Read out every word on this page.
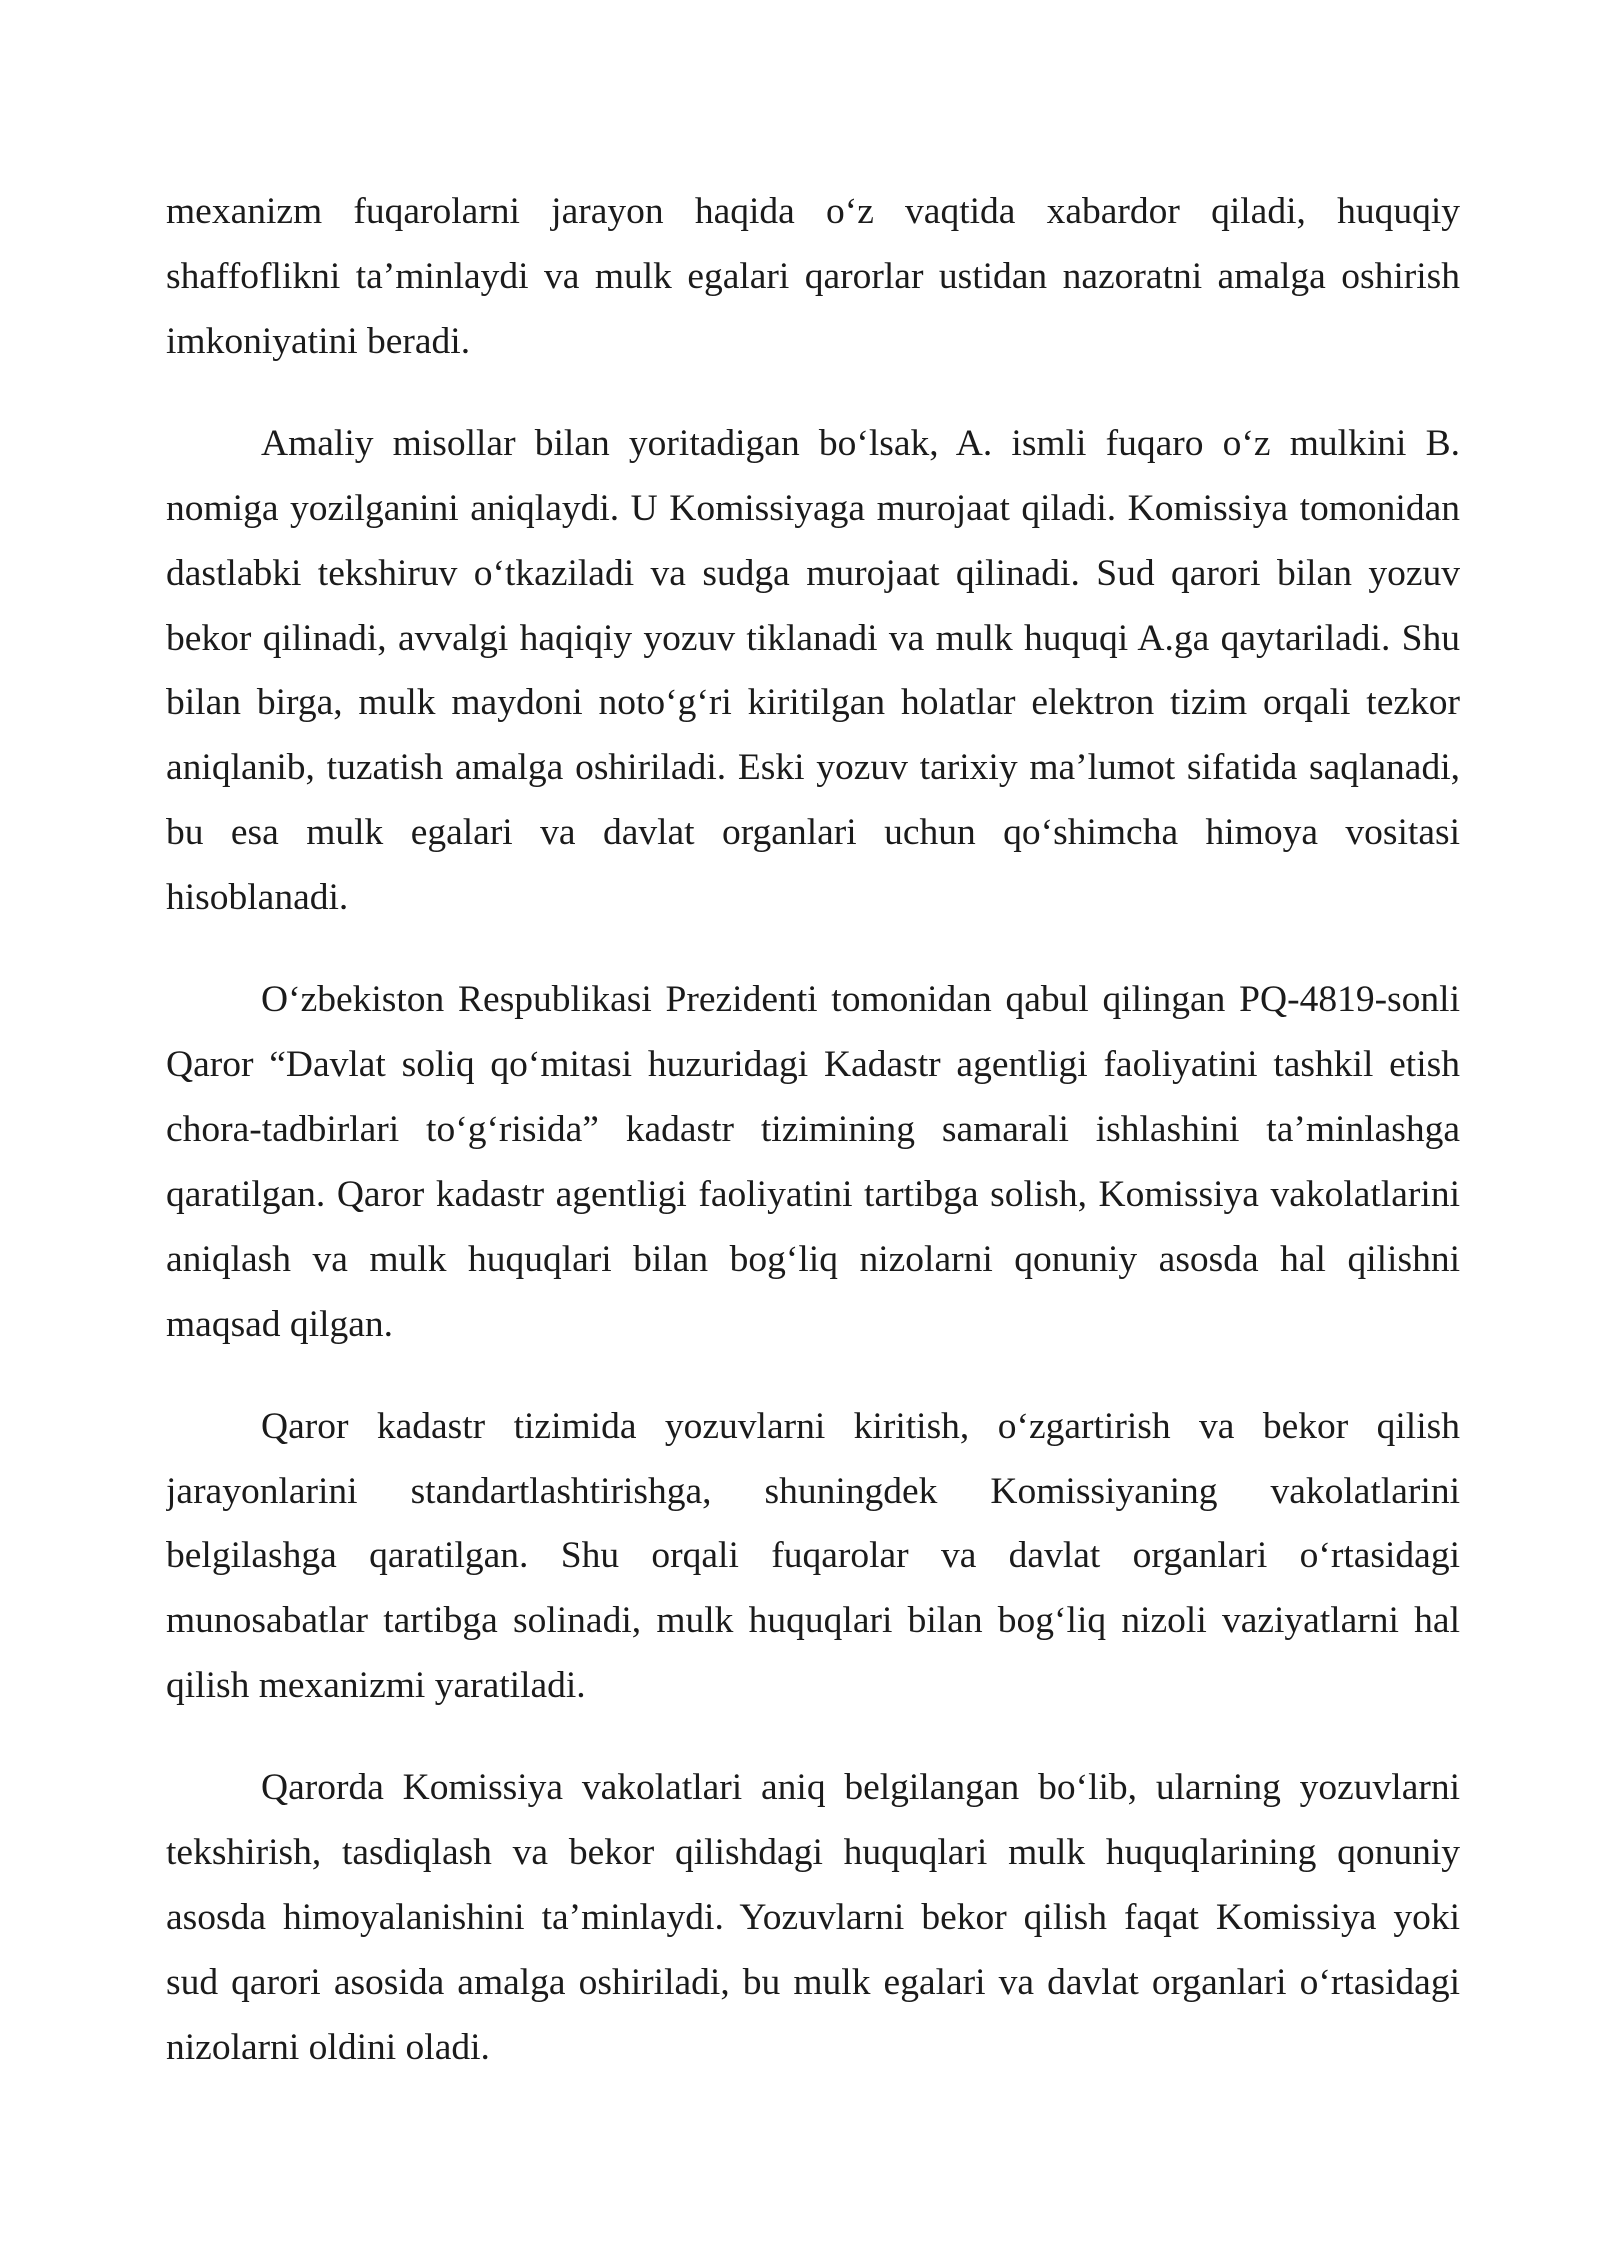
mexanizm fuqarolarni jarayon haqida o‘z vaqtida xabardor qiladi, huquqiy
shaffoflikni ta’minlaydi va mulk egalari qarorlar ustidan nazoratni amalga oshirish
imkoniyatini beradi.
Amaliy misollar bilan yoritadigan bo‘lsak, A. ismli fuqaro o‘z mulkini B.
nomiga yozilganini aniqlaydi. U Komissiyaga murojaat qiladi. Komissiya tomonidan
dastlabki tekshiruv o‘tkaziladi va sudga murojaat qilinadi. Sud qarori bilan yozuv
bekor qilinadi, avvalgi haqiqiy yozuv tiklanadi va mulk huquqi A.ga qaytariladi. Shu
bilan birga, mulk maydoni noto‘g‘ri kiritilgan holatlar elektron tizim orqali tezkor
aniqlanib, tuzatish amalga oshiriladi. Eski yozuv tarixiy ma’lumot sifatida saqlanadi,
bu esa mulk egalari va davlat organlari uchun qo‘shimcha himoya vositasi
hisoblanadi.
O‘zbekiston Respublikasi Prezidenti tomonidan qabul qilingan PQ-4819-sonli
Qaror “Davlat soliq qo‘mitasi huzuridagi Kadastr agentligi faoliyatini tashkil etish
chora-tadbirlari to‘g‘risida” kadastr tizimining samarali ishlashini ta’minlashga
qaratilgan. Qaror kadastr agentligi faoliyatini tartibga solish, Komissiya vakolatlarini
aniqlash va mulk huquqlari bilan bog‘liq nizolarni qonuniy asosda hal qilishni
maqsad qilgan.
Qaror kadastr tizimida yozuvlarni kiritish, o‘zgartirish va bekor qilish
jarayonlarini standartlashtirishga, shuningdek Komissiyaning vakolatlarini
belgilashga qaratilgan. Shu orqali fuqarolar va davlat organlari o‘rtasidagi
munosabatlar tartibga solinadi, mulk huquqlari bilan bog‘liq nizoli vaziyatlarni hal
qilish mexanizmi yaratiladi.
Qarorda Komissiya vakolatlari aniq belgilangan bo‘lib, ularning yozuvlarni
tekshirish, tasdiqlash va bekor qilishdagi huquqlari mulk huquqlarining qonuniy
asosda himoyalanishini ta’minlaydi. Yozuvlarni bekor qilish faqat Komissiya yoki
sud qarori asosida amalga oshiriladi, bu mulk egalari va davlat organlari o‘rtasidagi
nizolarni oldini oladi.
